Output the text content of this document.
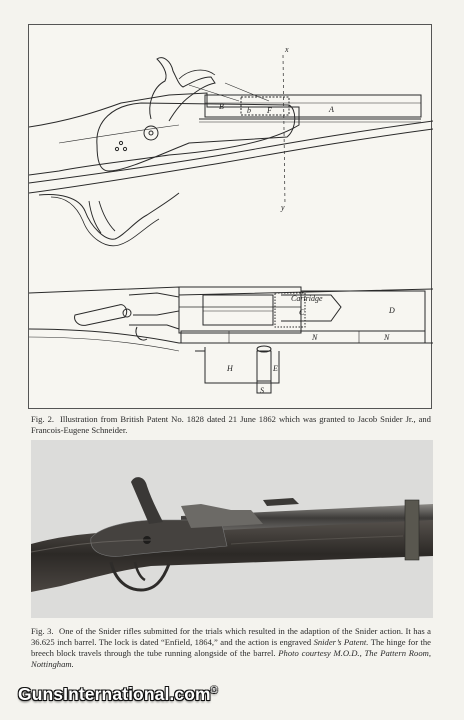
x
y
A
B	b F
Cartridge
C	D
N	N
H	E
S
Fig. 2. Illustration from British Patent No. 1828 dated 21 June 1862 which was granted to Jacob Snider Jr., and Francois-Eugene Schneider.
Fig. 3. One of the Snider rifles submitted for the trials which resulted in the adaption of the Snider action. It has a 36.625 inch barrel. The lock is dated “Enfield, 1864,” and the action is engraved Snider’s Patent. The hinge for the breech block travels through the tube running alongside of the barrel. Photo courtesy M.O.D., The Pattern Room, Nottingham.
GunsInternational.com®
